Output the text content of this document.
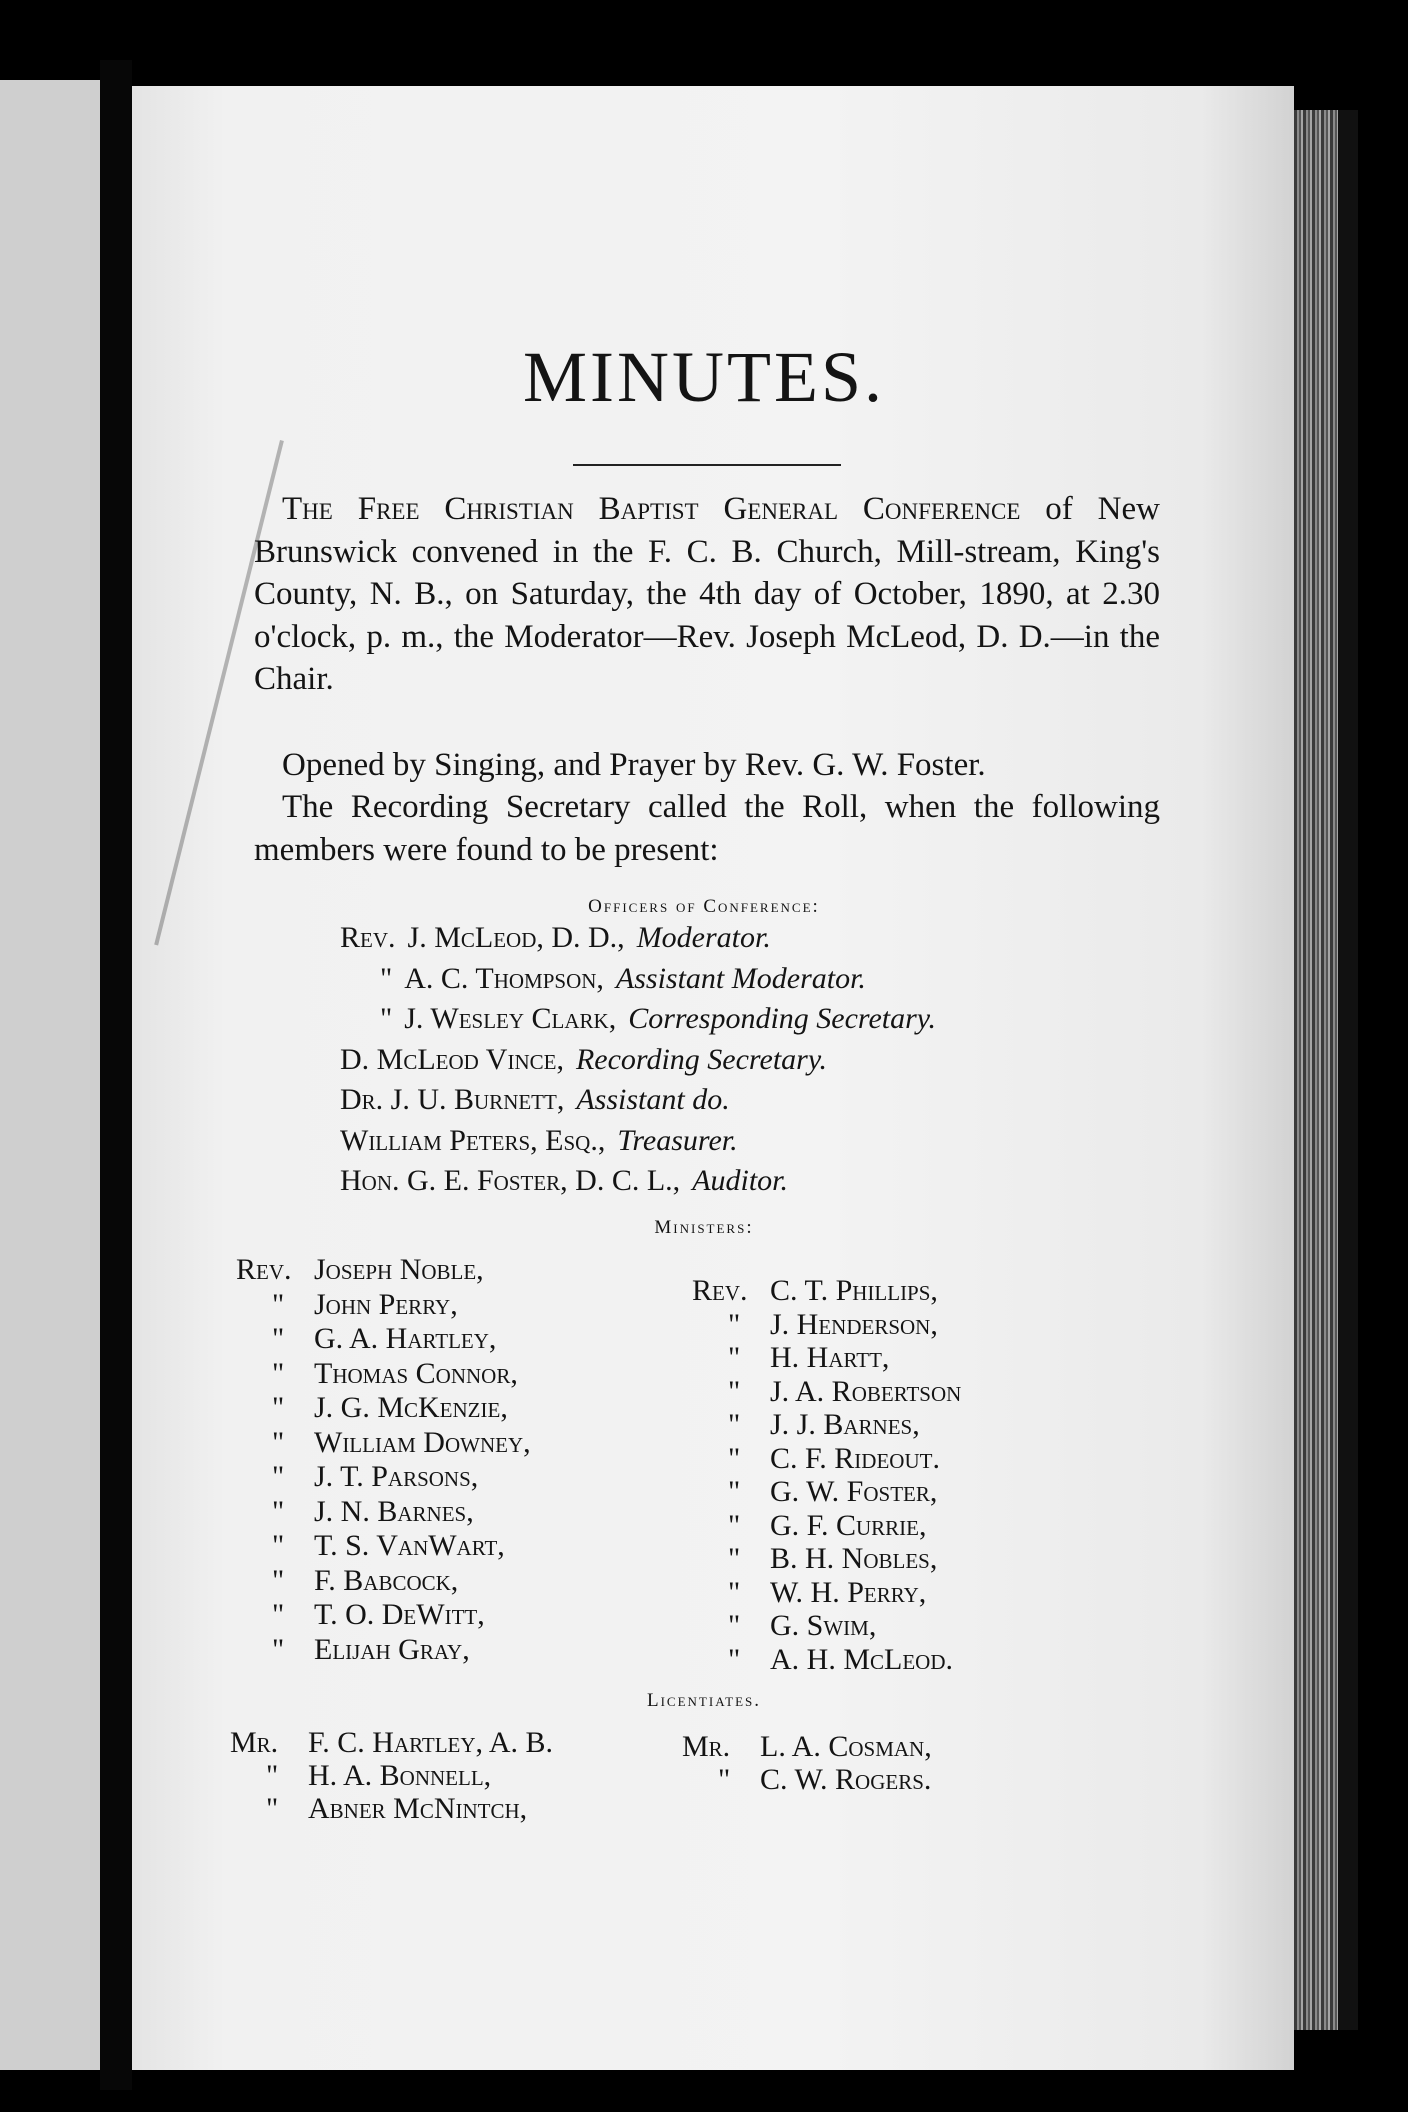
MINUTES.

The Free Christian Baptist General Conference of New Brunswick convened in the F. C. B. Church, Mill-stream, King's County, N. B., on Saturday, the 4th day of October, 1890, at 2.30 o'clock, p. m., the Moderator—Rev. Joseph McLeod, D. D.—in the Chair.

Opened by Singing, and Prayer by Rev. G. W. Foster.

The Recording Secretary called the Roll, when the following members were found to be present:

Officers of Conference:
Rev. J. McLeod, D. D., Moderator.
" A. C. Thompson, Assistant Moderator.
" J. Wesley Clark, Corresponding Secretary.
D. McLeod Vince, Recording Secretary.
Dr. J. U. Burnett, Assistant do.
William Peters, Esq., Treasurer.
Hon. G. E. Foster, D. C. L., Auditor.
Ministers:
Rev. Joseph Noble,
" John Perry,
" G. A. Hartley,
" Thomas Connor,
" J. G. McKenzie,
" William Downey,
" J. T. Parsons,
" J. N. Barnes,
" T. S. VanWart,
" F. Babcock,
" T. O. DeWitt,
" Elijah Gray,
Rev. C. T. Phillips,
" J. Henderson,
" H. Hartt,
" J. A. Robertson
" J. J. Barnes,
" C. F. Rideout.
" G. W. Foster,
" G. F. Currie,
" B. H. Nobles,
" W. H. Perry,
" G. Swim,
" A. H. McLeod.
Licentiates.
Mr. F. C. Hartley, A. B.
" H. A. Bonnell,
" Abner McNintch,
Mr. L. A. Cosman,
" C. W. Rogers.
